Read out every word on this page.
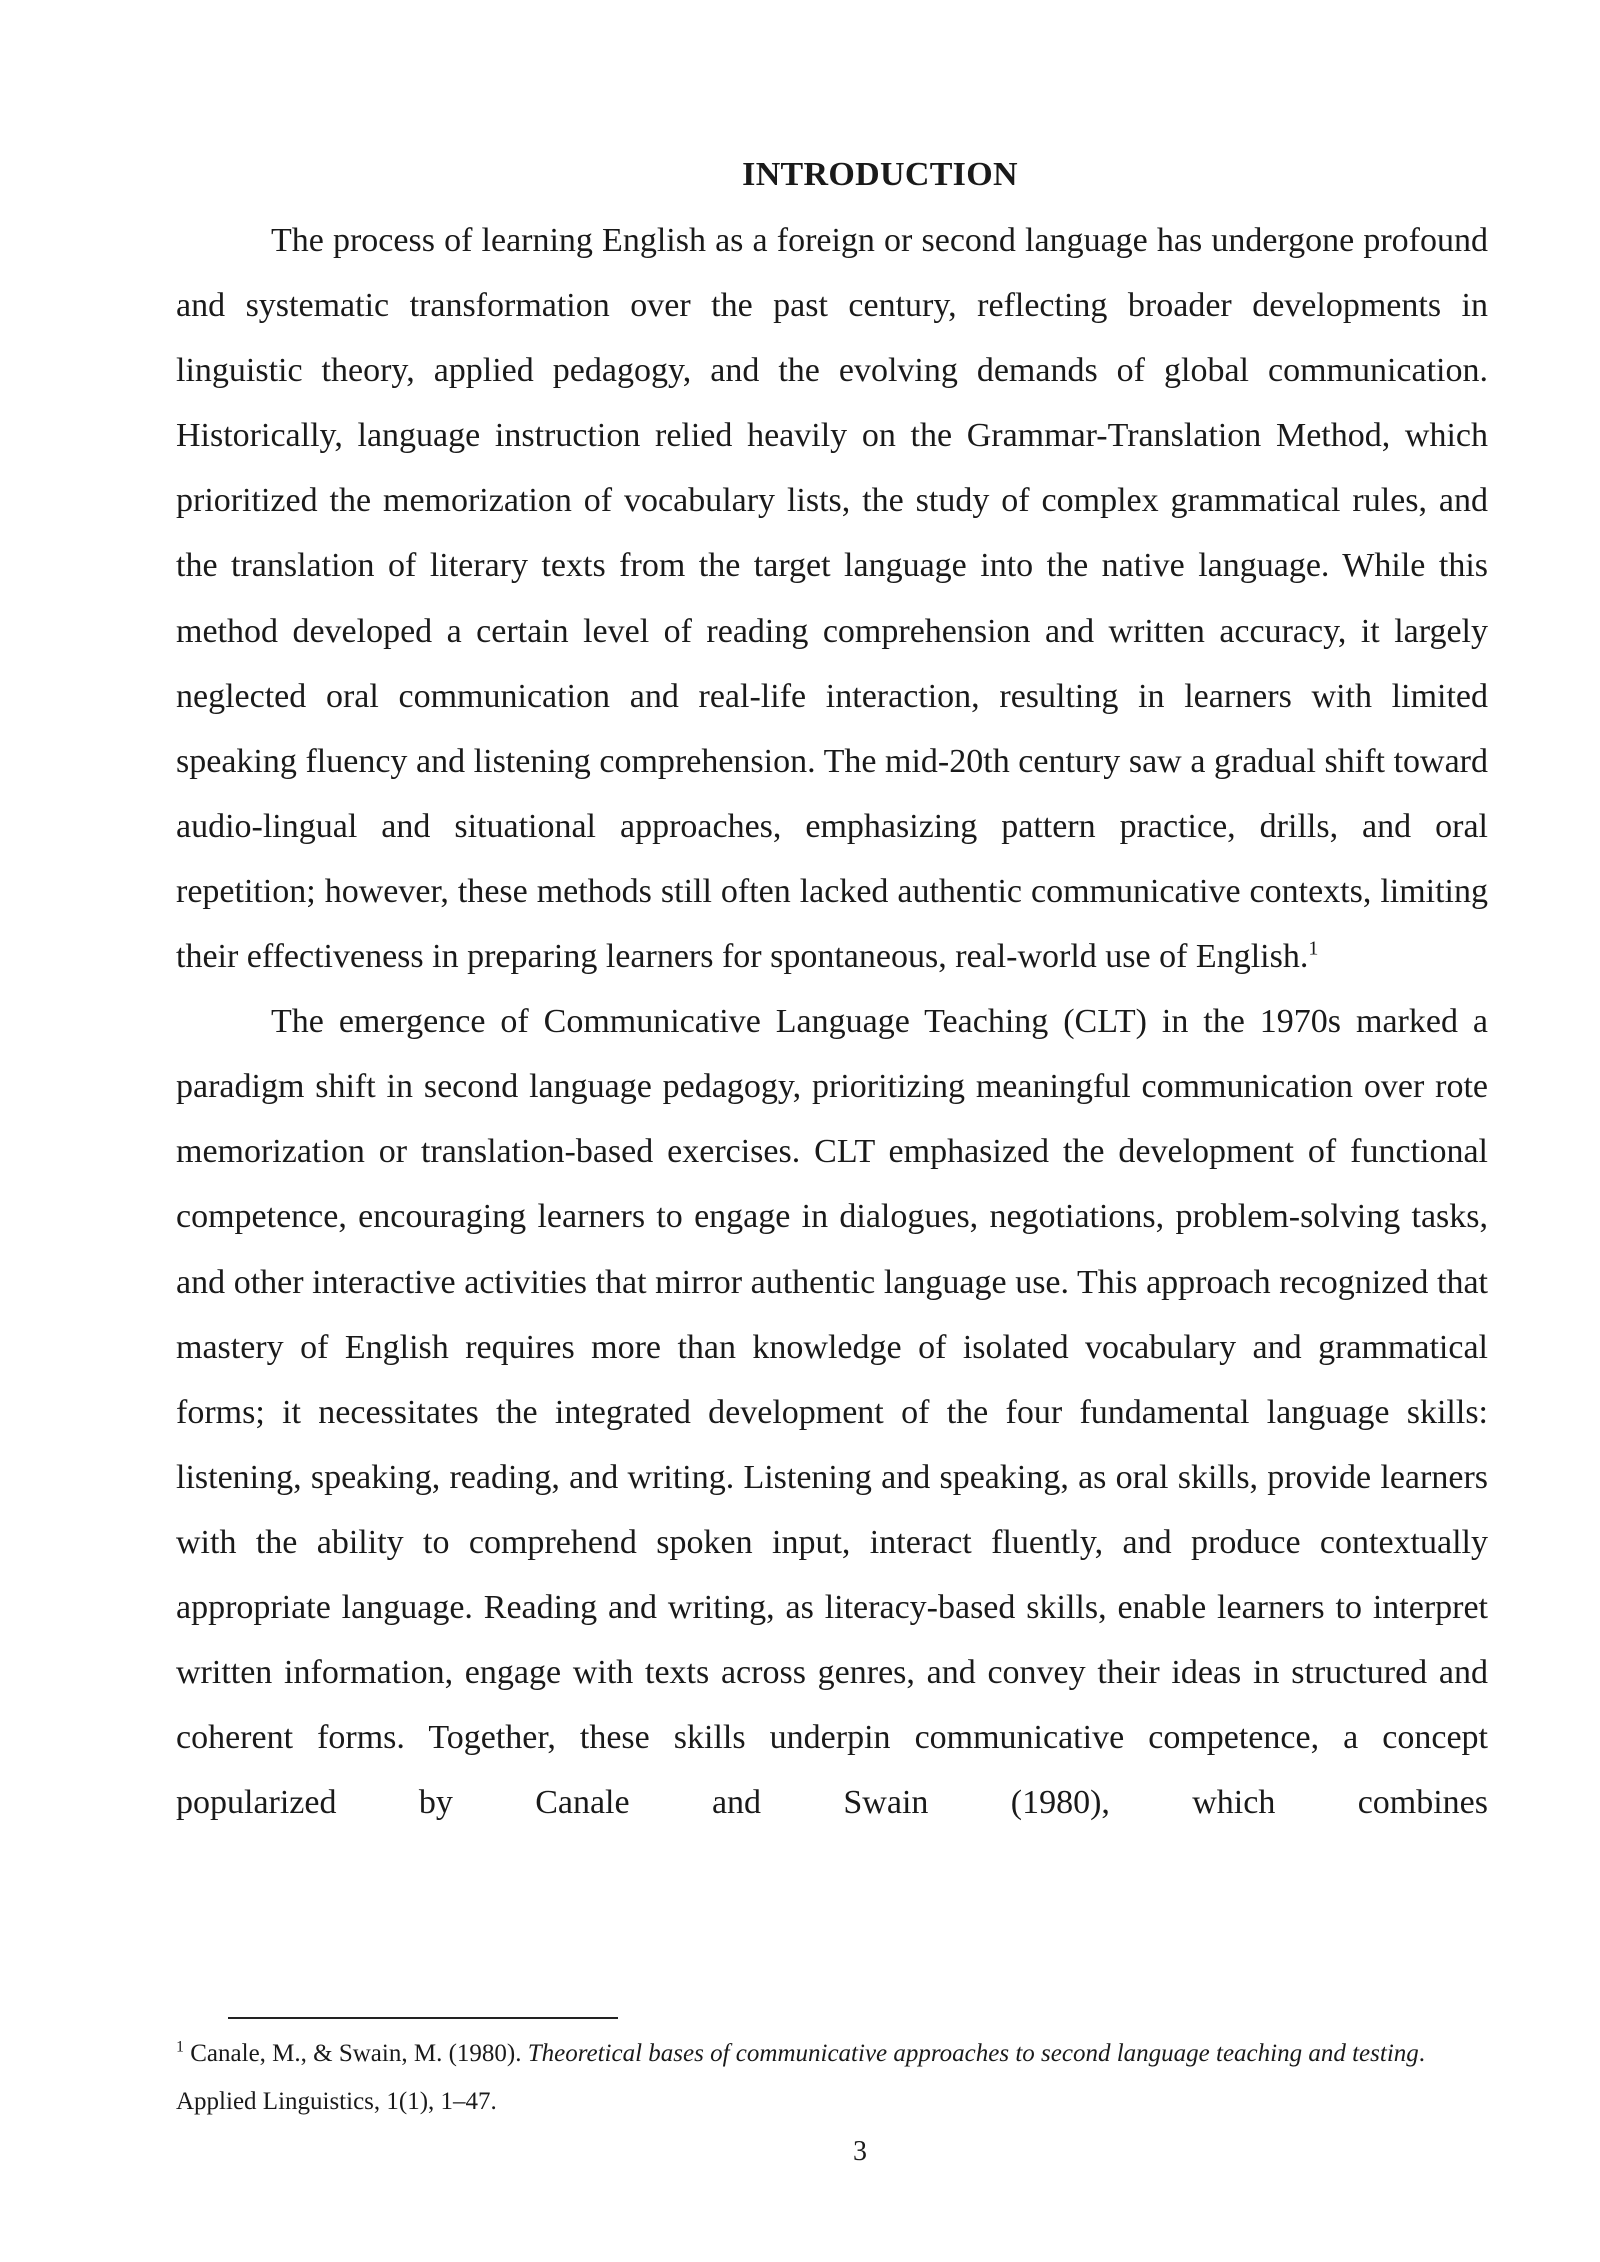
INTRODUCTION

The process of learning English as a foreign or second language has undergone profound and systematic transformation over the past century, reflecting broader developments in linguistic theory, applied pedagogy, and the evolving demands of global communication. Historically, language instruction relied heavily on the Grammar-Translation Method, which prioritized the memorization of vocabulary lists, the study of complex grammatical rules, and the translation of literary texts from the target language into the native language. While this method developed a certain level of reading comprehension and written accuracy, it largely neglected oral communication and real-life interaction, resulting in learners with limited speaking fluency and listening comprehension. The mid-20th century saw a gradual shift toward audio-lingual and situational approaches, emphasizing pattern practice, drills, and oral repetition; however, these methods still often lacked authentic communicative contexts, limiting their effectiveness in preparing learners for spontaneous, real-world use of English.$^1$

The emergence of Communicative Language Teaching (CLT) in the 1970s marked a paradigm shift in second language pedagogy, prioritizing meaningful communication over rote memorization or translation-based exercises. CLT emphasized the development of functional competence, encouraging learners to engage in dialogues, negotiations, problem-solving tasks, and other interactive activities that mirror authentic language use. This approach recognized that mastery of English requires more than knowledge of isolated vocabulary and grammatical forms; it necessitates the integrated development of the four fundamental language skills: listening, speaking, reading, and writing. Listening and speaking, as oral skills, provide learners with the ability to comprehend spoken input, interact fluently, and produce contextually appropriate language. Reading and writing, as literacy-based skills, enable learners to interpret written information, engage with texts across genres, and convey their ideas in structured and coherent forms. Together, these skills underpin communicative competence, a concept popularized by Canale and Swain (1980), which combines

$^1$ Canale, M., & Swain, M. (1980). Theoretical bases of communicative approaches to second language teaching and testing. Applied Linguistics, 1(1), 1–47.
3
